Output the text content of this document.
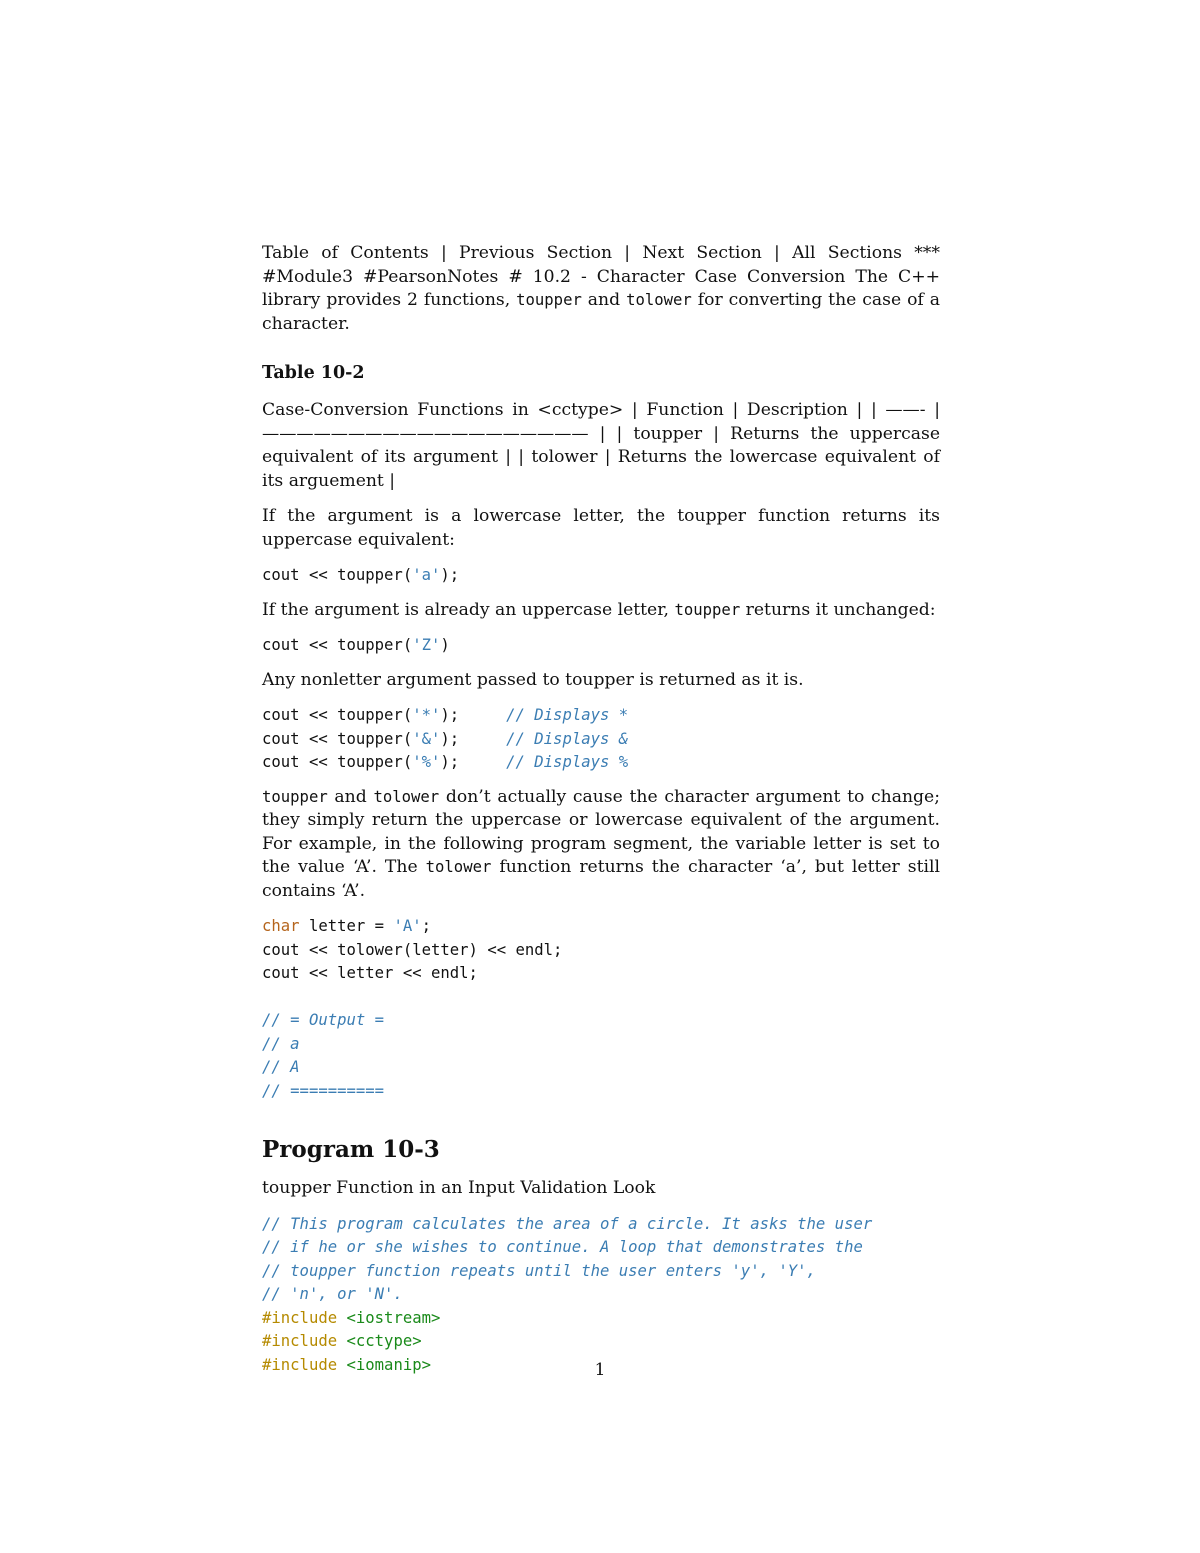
Table of Contents | Previous Section | Next Section | All Sections *** #Module3 #PearsonNotes # 10.2 - Character Case Conversion The C++ library provides 2 functions, toupper and tolower for converting the case of a character.

Table 10-2

Case-Conversion Functions in <cctype> | Function | Description | | ——- | ——————————————————— | | toupper | Returns the uppercase equivalent of its argument | | tolower | Returns the lowercase equivalent of its arguement |

If the argument is a lowercase letter, the toupper function returns its uppercase equivalent:

cout << toupper('a');

If the argument is already an uppercase letter, toupper returns it unchanged:

cout << toupper('Z')

Any nonletter argument passed to toupper is returned as it is.

cout << toupper('*');     // Displays *
cout << toupper('&');     // Displays &
cout << toupper('%');     // Displays %

toupper and tolower don’t actually cause the character argument to change; they simply return the uppercase or lowercase equivalent of the argument. For example, in the following program segment, the variable letter is set to the value ‘A’. The tolower function returns the character ‘a’, but letter still contains ‘A’.

char letter = 'A';
cout << tolower(letter) << endl;
cout << letter << endl;
// = Output =
// a
// A
// ==========
Program 10-3

toupper Function in an Input Validation Look

// This program calculates the area of a circle. It asks the user
// if he or she wishes to continue. A loop that demonstrates the
// toupper function repeats until the user enters 'y', 'Y',
// 'n', or 'N'.
#include <iostream>
#include <cctype>
#include <iomanip>	1
